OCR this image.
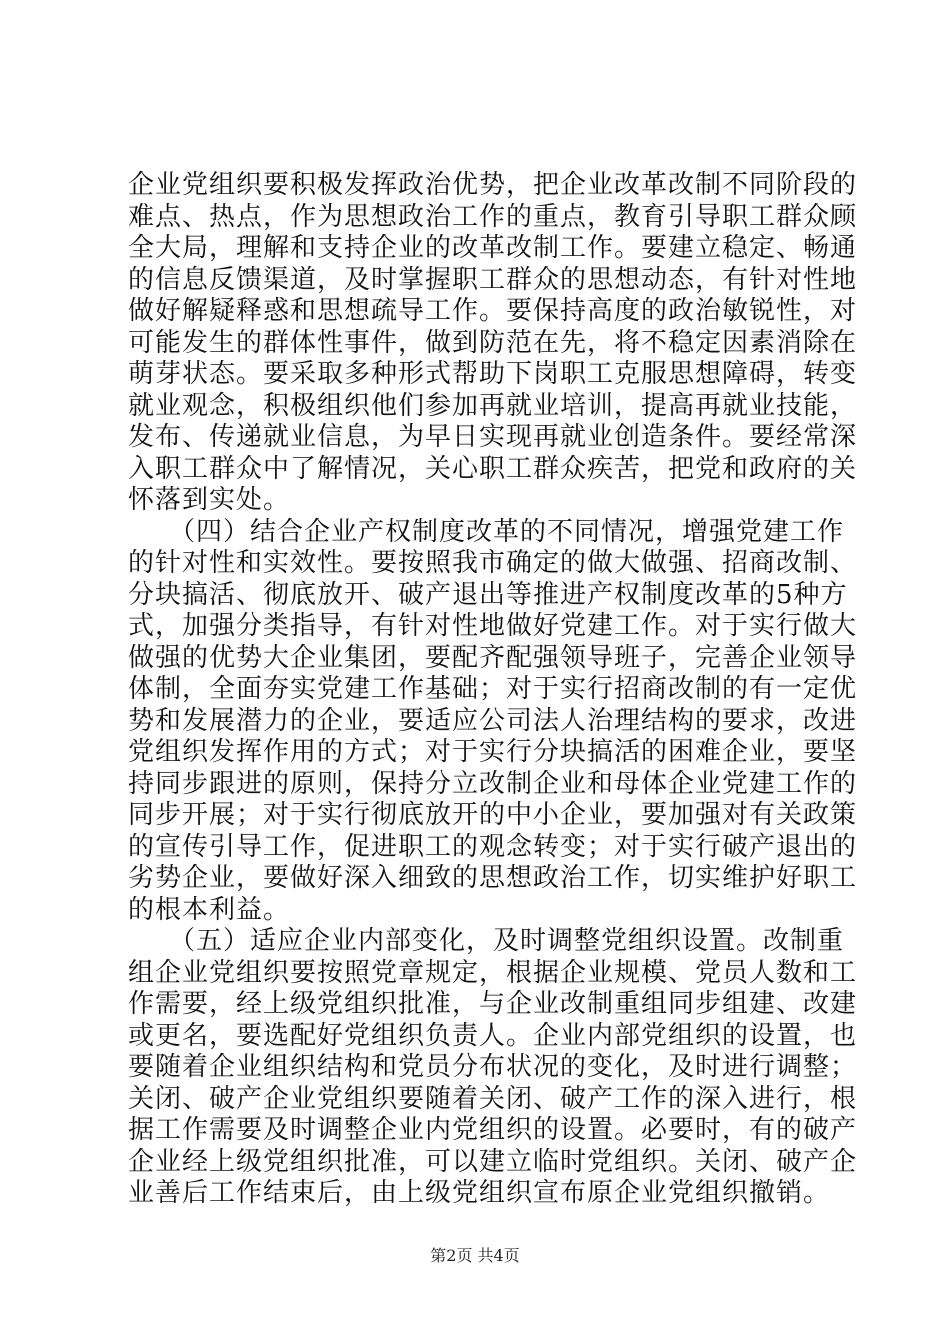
企业党组织要积极发挥政治优势，把企业改革改制不同阶段的
难点、热点，作为思想政治工作的重点，教育引导职工群众顾
全大局，理解和支持企业的改革改制工作。要建立稳定、畅通
的信息反馈渠道，及时掌握职工群众的思想动态，有针对性地
做好解疑释惑和思想疏导工作。要保持高度的政治敏锐性，对
可能发生的群体性事件，做到防范在先，将不稳定因素消除在
萌芽状态。要采取多种形式帮助下岗职工克服思想障碍，转变
就业观念，积极组织他们参加再就业培训，提高再就业技能，
发布、传递就业信息，为早日实现再就业创造条件。要经常深
入职工群众中了解情况，关心职工群众疾苦，把党和政府的关
怀落到实处。
　　（四）结合企业产权制度改革的不同情况，增强党建工作
的针对性和实效性。要按照我市确定的做大做强、招商改制、
分块搞活、彻底放开、破产退出等推进产权制度改革的5种方
式，加强分类指导，有针对性地做好党建工作。对于实行做大
做强的优势大企业集团，要配齐配强领导班子，完善企业领导
体制，全面夯实党建工作基础；对于实行招商改制的有一定优
势和发展潜力的企业，要适应公司法人治理结构的要求，改进
党组织发挥作用的方式；对于实行分块搞活的困难企业，要坚
持同步跟进的原则，保持分立改制企业和母体企业党建工作的
同步开展；对于实行彻底放开的中小企业，要加强对有关政策
的宣传引导工作，促进职工的观念转变；对于实行破产退出的
劣势企业，要做好深入细致的思想政治工作，切实维护好职工
的根本利益。
　　（五）适应企业内部变化，及时调整党组织设置。改制重
组企业党组织要按照党章规定，根据企业规模、党员人数和工
作需要，经上级党组织批准，与企业改制重组同步组建、改建
或更名，要选配好党组织负责人。企业内部党组织的设置，也
要随着企业组织结构和党员分布状况的变化，及时进行调整；
关闭、破产企业党组织要随着关闭、破产工作的深入进行，根
据工作需要及时调整企业内党组织的设置。必要时，有的破产
企业经上级党组织批准，可以建立临时党组织。关闭、破产企
业善后工作结束后，由上级党组织宣布原企业党组织撤销。
第2页 共4页
